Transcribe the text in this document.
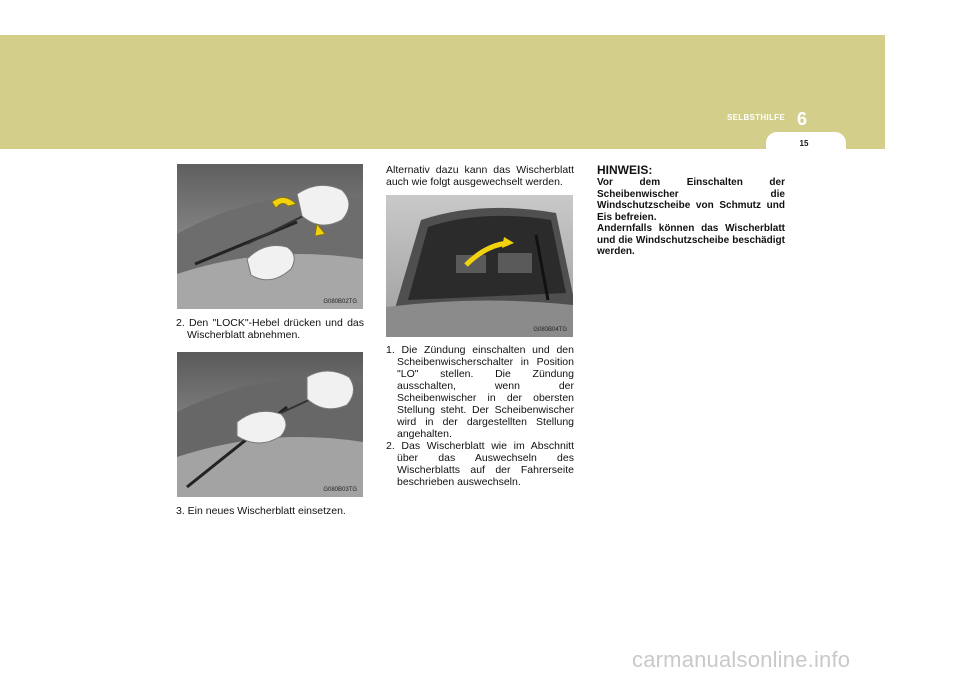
SELBSTHILFE 6
15
G080B02TG
2. Den "LOCK"-Hebel drücken und das Wischerblatt abnehmen.
G080B03TG
3. Ein neues Wischerblatt einsetzen.
Alternativ dazu kann das Wischerblatt auch wie folgt ausgewechselt werden.
G080B04TG
1. Die Zündung einschalten und den Scheibenwischerschalter in Position "LO" stellen. Die Zündung ausschalten, wenn der Scheibenwischer in der obersten Stellung steht. Der Scheibenwischer wird in der dargestellten Stellung angehalten.
2. Das Wischerblatt wie im Abschnitt über das Auswechseln des Wischerblatts auf der Fahrerseite beschrieben auswechseln.
HINWEIS:
Vor dem Einschalten der Scheibenwischer die Windschutzscheibe von Schmutz und Eis befreien.
Andernfalls können das Wischerblatt und die Windschutzscheibe beschädigt werden.
carmanualsonline.info
